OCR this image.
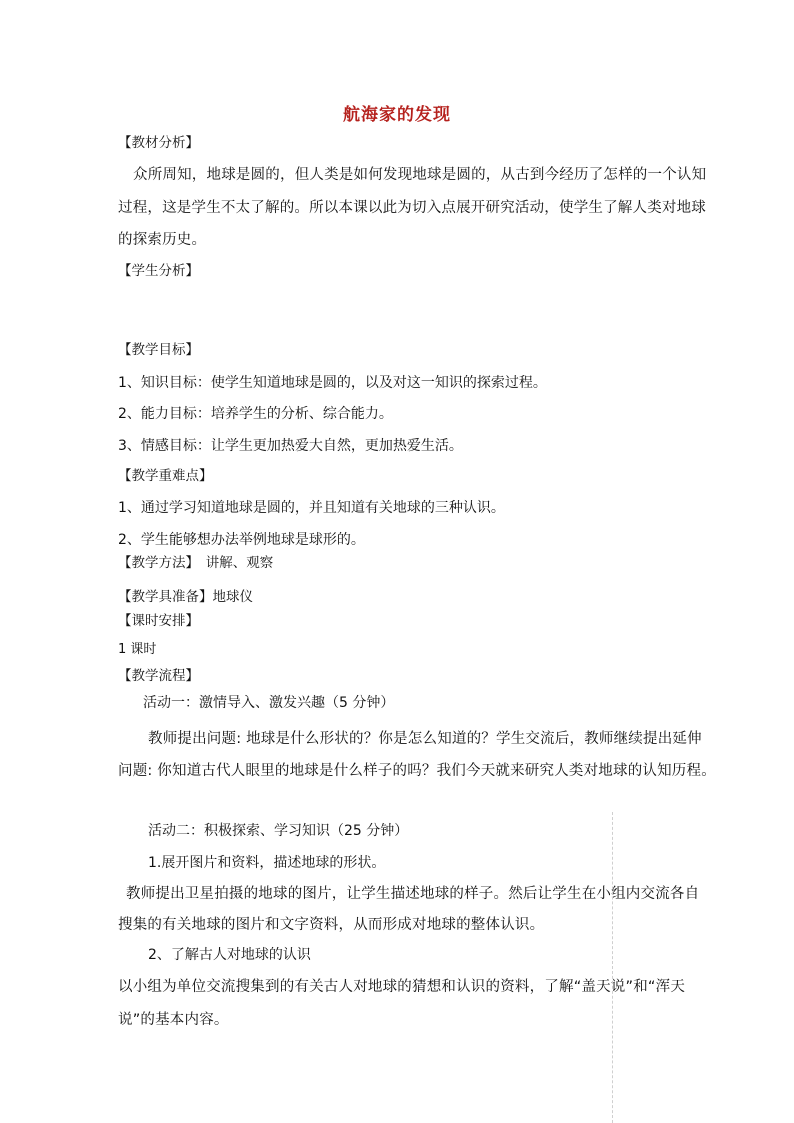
航海家的发现
【教材分析】
众所周知，地球是圆的，但人类是如何发现地球是圆的，从古到今经历了怎样的一个认知
过程，这是学生不太了解的。所以本课以此为切入点展开研究活动，使学生了解人类对地球
的探索历史。
【学生分析】
【教学目标】
1、知识目标：使学生知道地球是圆的，以及对这一知识的探索过程。
2、能力目标：培养学生的分析、综合能力。
3、情感目标：让学生更加热爱大自然，更加热爱生活。
【教学重难点】
1、通过学习知道地球是圆的，并且知道有关地球的三种认识。
2、学生能够想办法举例地球是球形的。
【教学方法】　讲解、观察
【教学具准备】地球仪
【课时安排】
1 课时
【教学流程】
活动一：激情导入、激发兴趣（5 分钟）
教师提出问题: 地球是什么形状的？你是怎么知道的？学生交流后，教师继续提出延伸
问题: 你知道古代人眼里的地球是什么样子的吗？我们今天就来研究人类对地球的认知历程。
活动二：积极探索、学习知识（25 分钟）
1.展开图片和资料，描述地球的形状。
教师提出卫星拍摄的地球的图片，让学生描述地球的样子。然后让学生在小组内交流各自
搜集的有关地球的图片和文字资料，从而形成对地球的整体认识。
2、了解古人对地球的认识
以小组为单位交流搜集到的有关古人对地球的猜想和认识的资料，了解“盖天说”和“浑天
说”的基本内容。
